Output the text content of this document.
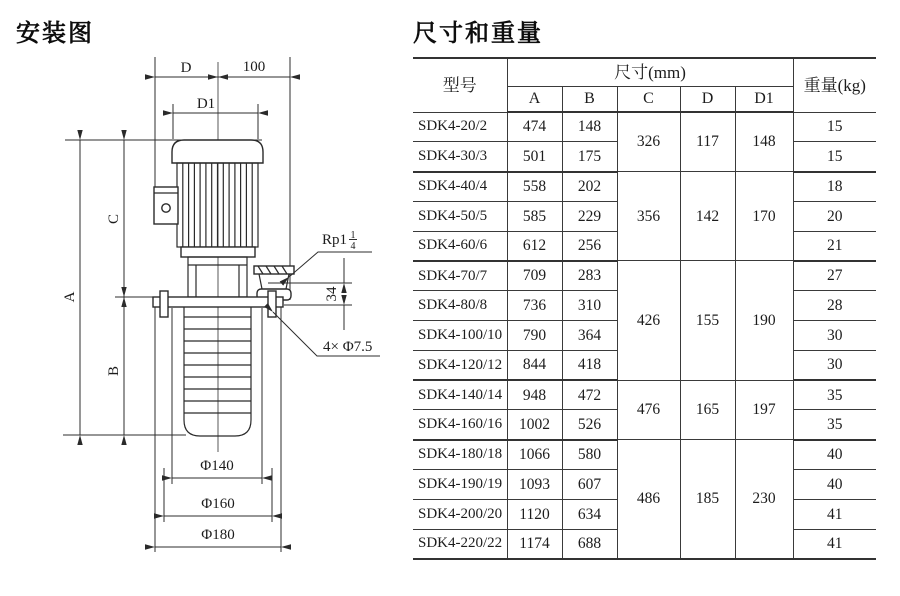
安装图	尺寸和重量
D	100
D1
A
C
B
Rp1 1
4
34
4× Φ7.5
Φ140
Φ160
Φ180
型号	尺寸(mm)					重量(kg)
	A	B	C	D	D1	
SDK4-20/2	474	148	326	117	148	15
SDK4-30/3	501	175				15
SDK4-40/4	558	202	356	142	170	18
SDK4-50/5	585	229				20
SDK4-60/6	612	256				21
SDK4-70/7	709	283	426	155	190	27
SDK4-80/8	736	310				28
SDK4-100/10	790	364				30
SDK4-120/12	844	418				30
SDK4-140/14	948	472	476	165	197	35
SDK4-160/16	1002	526				35
SDK4-180/18	1066	580	486	185	230	40
SDK4-190/19	1093	607				40
SDK4-200/20	1120	634				41
SDK4-220/22	1174	688				41
